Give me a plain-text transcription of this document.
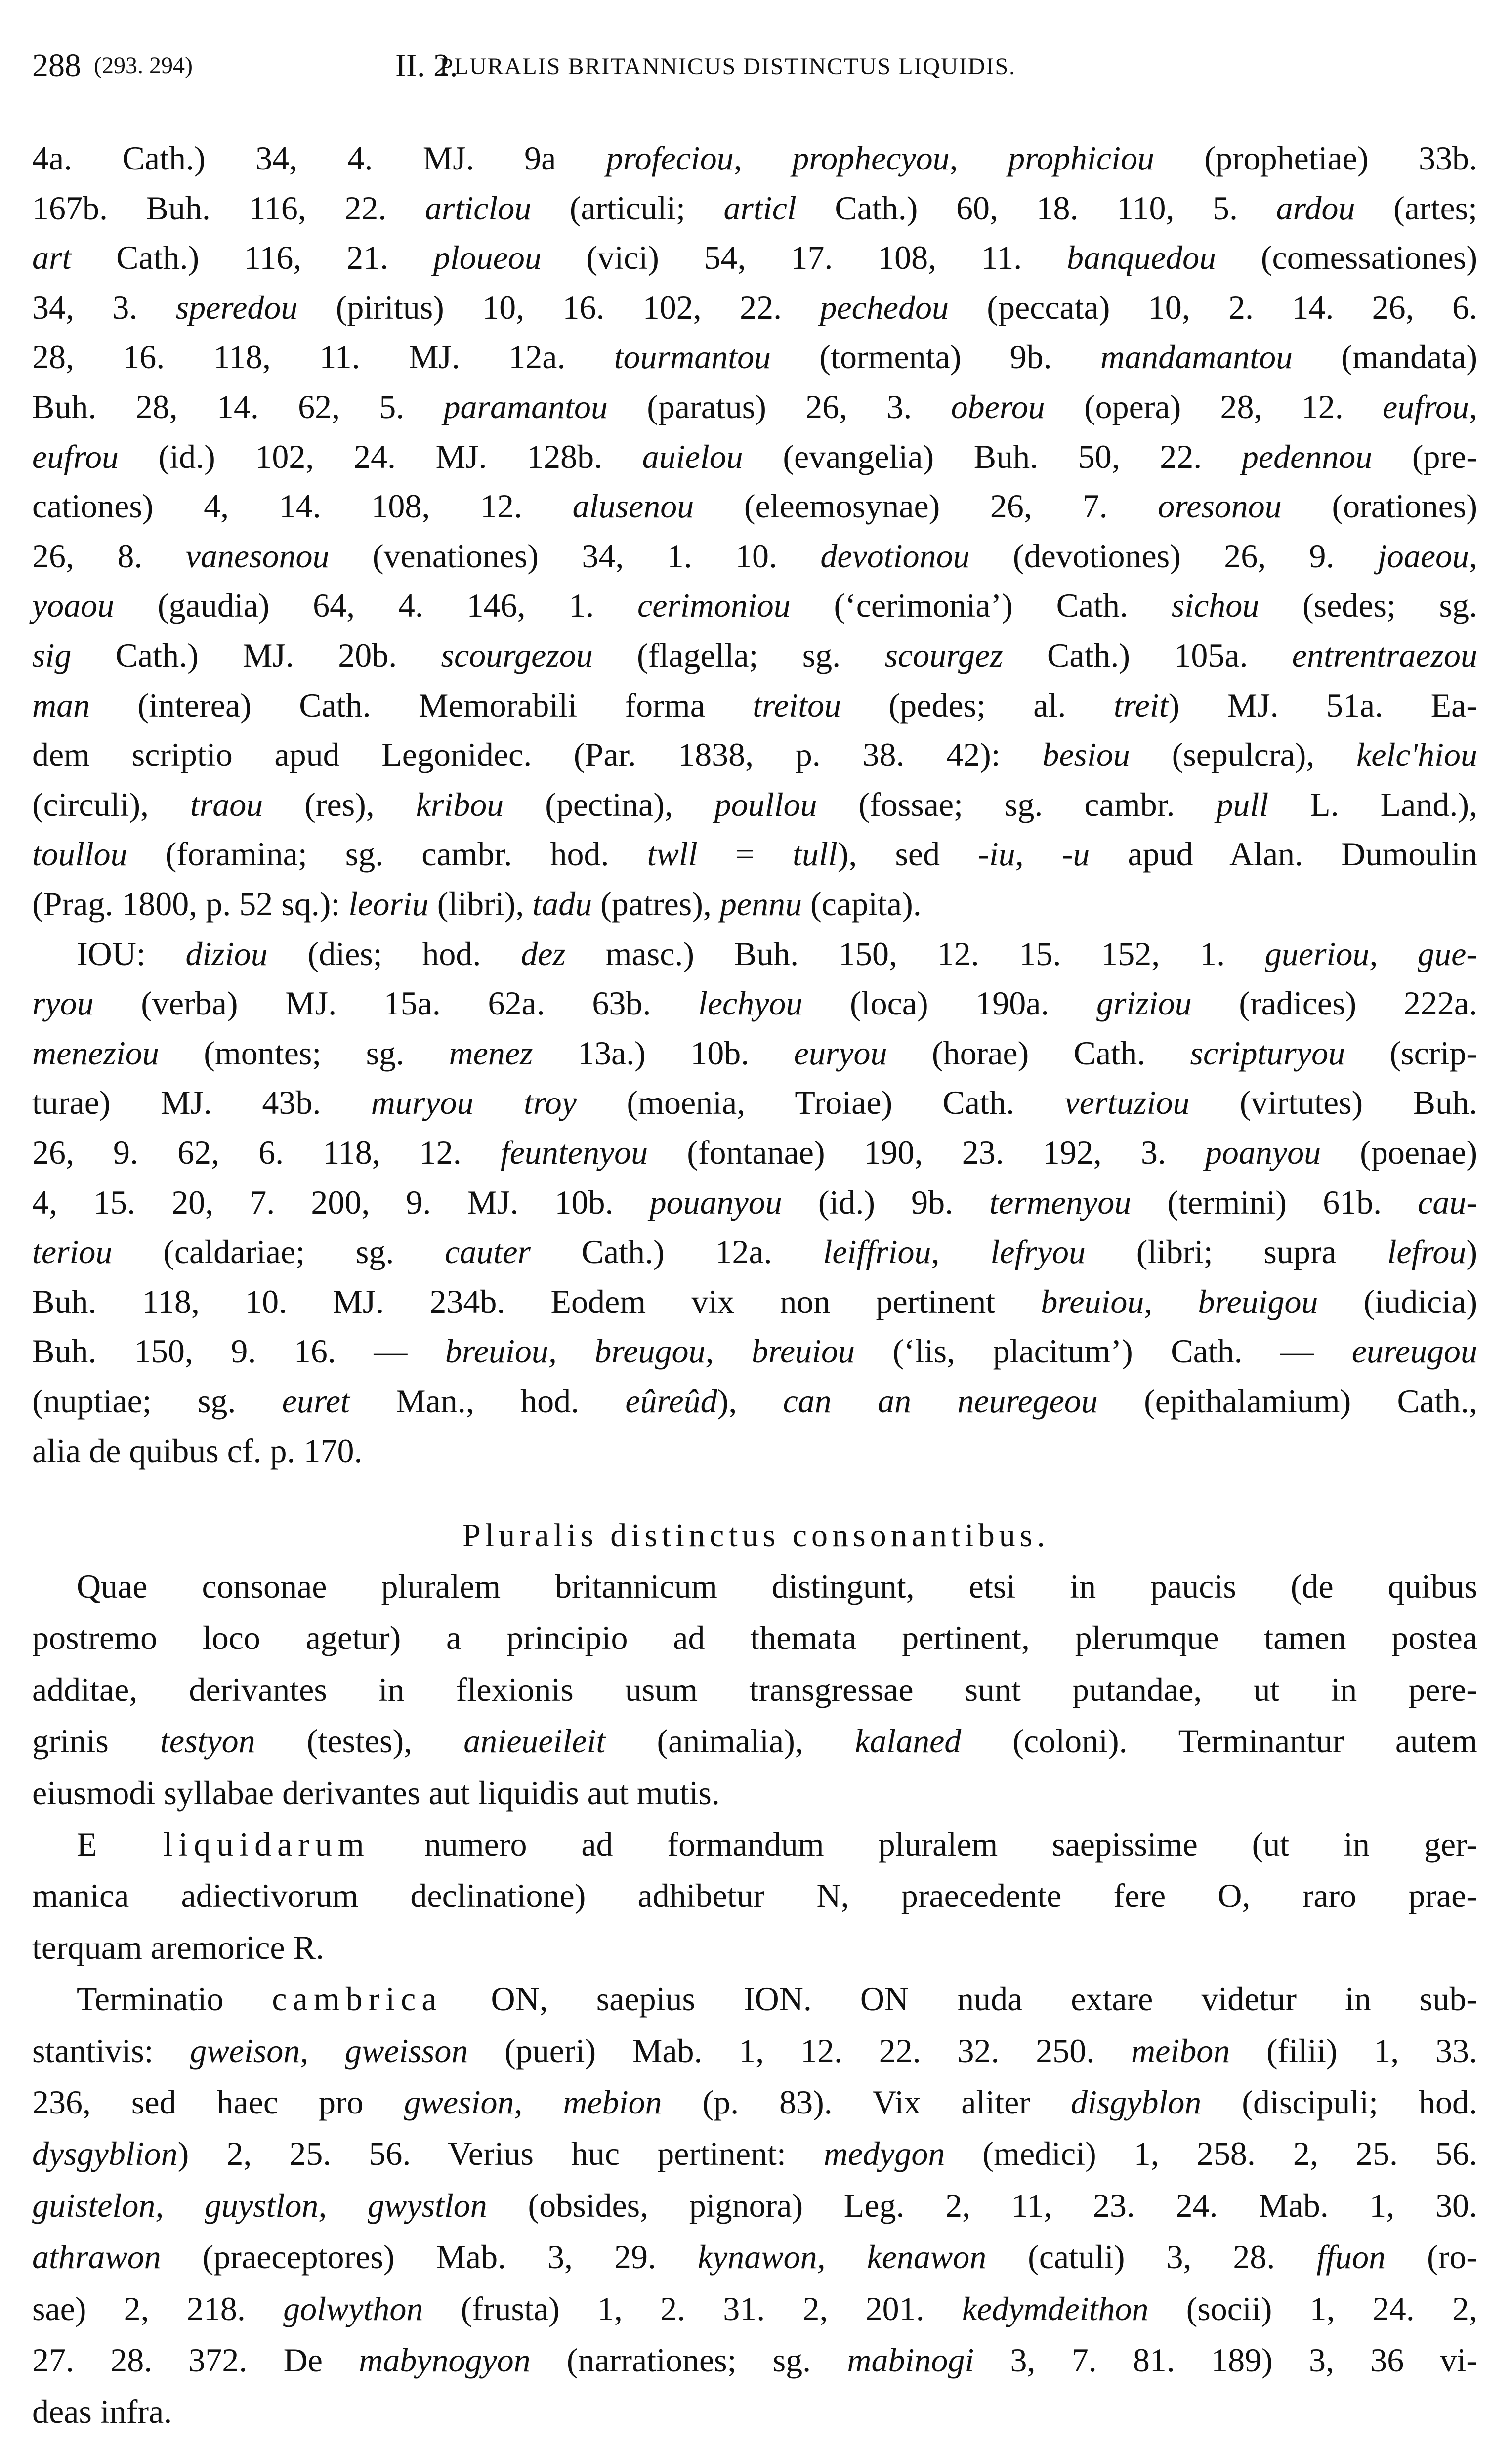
288 (293. 294)	II. 2.
PLURALIS BRITANNICUS DISTINCTUS LIQUIDIS.
4a. Cath.) 34, 4. MJ. 9a profeciou, prophecyou, prophiciou (prophetiae) 33b.
167b. Buh. 116, 22. articlou (articuli; articl Cath.) 60, 18. 110, 5. ardou (artes;
art Cath.) 116, 21. ploueou (vici) 54, 17. 108, 11. banquedou (comessationes)
34, 3. speredou (piritus) 10, 16. 102, 22. pechedou (peccata) 10, 2. 14. 26, 6.
28, 16. 118, 11. MJ. 12a. tourmantou (tormenta) 9b. mandamantou (mandata)
Buh. 28, 14. 62, 5. paramantou (paratus) 26, 3. oberou (opera) 28, 12. eufrou,
eufrou (id.) 102, 24. MJ. 128b. auielou (evangelia) Buh. 50, 22. pedennou (pre-
cationes) 4, 14. 108, 12. alusenou (eleemosynae) 26, 7. oresonou (orationes)
26, 8. vanesonou (venationes) 34, 1. 10. devotionou (devotiones) 26, 9. joaeou,
yoaou (gaudia) 64, 4. 146, 1. cerimoniou (‘cerimonia’) Cath. sichou (sedes; sg.
sig Cath.) MJ. 20b. scourgezou (flagella; sg. scourgez Cath.) 105a. entrentraezou
man (interea) Cath. Memorabili forma treitou (pedes; al. treit) MJ. 51a. Ea-
dem scriptio apud Legonidec. (Par. 1838, p. 38. 42): besiou (sepulcra), kelc'hiou
(circuli), traou (res), kribou (pectina), poullou (fossae; sg. cambr. pull L. Land.),
toullou (foramina; sg. cambr. hod. twll = tull), sed -iu, -u apud Alan. Dumoulin
(Prag. 1800, p. 52 sq.): leoriu (libri), tadu (patres), pennu (capita).
IOU: diziou (dies; hod. dez masc.) Buh. 150, 12. 15. 152, 1. gueriou, gue-
ryou (verba) MJ. 15a. 62a. 63b. lechyou (loca) 190a. griziou (radices) 222a.
meneziou (montes; sg. menez 13a.) 10b. euryou (horae) Cath. scripturyou (scrip-
turae) MJ. 43b. muryou troy (moenia, Troiae) Cath. vertuziou (virtutes) Buh.
26, 9. 62, 6. 118, 12. feuntenyou (fontanae) 190, 23. 192, 3. poanyou (poenae)
4, 15. 20, 7. 200, 9. MJ. 10b. pouanyou (id.) 9b. termenyou (termini) 61b. cau-
teriou (caldariae; sg. cauter Cath.) 12a. leiffriou, lefryou (libri; supra lefrou)
Buh. 118, 10. MJ. 234b. Eodem vix non pertinent breuiou, breuigou (iudicia)
Buh. 150, 9. 16. — breuiou, breugou, breuiou (‘lis, placitum’) Cath. — eureugou
(nuptiae; sg. euret Man., hod. eûreûd), can an neuregeou (epithalamium) Cath.,
alia de quibus cf. p. 170.
Pluralis distinctus consonantibus.
Quae consonae pluralem britannicum distingunt, etsi in paucis (de quibus
postremo loco agetur) a principio ad themata pertinent, plerumque tamen postea
additae, derivantes in flexionis usum transgressae sunt putandae, ut in pere-
grinis testyon (testes), anieueileit (animalia), kalaned (coloni). Terminantur autem
eiusmodi syllabae derivantes aut liquidis aut mutis.
E liquidarum numero ad formandum pluralem saepissime (ut in ger-
manica adiectivorum declinatione) adhibetur N, praecedente fere O, raro prae-
terquam aremorice R.
Terminatio cambrica ON, saepius ION. ON nuda extare videtur in sub-
stantivis: gweison, gweisson (pueri) Mab. 1, 12. 22. 32. 250. meibon (filii) 1, 33.
236, sed haec pro gwesion, mebion (p. 83). Vix aliter disgyblon (discipuli; hod.
dysgyblion) 2, 25. 56. Verius huc pertinent: medygon (medici) 1, 258. 2, 25. 56.
guistelon, guystlon, gwystlon (obsides, pignora) Leg. 2, 11, 23. 24. Mab. 1, 30.
athrawon (praeceptores) Mab. 3, 29. kynawon, kenawon (catuli) 3, 28. ffuon (ro-
sae) 2, 218. golwython (frusta) 1, 2. 31. 2, 201. kedymdeithon (socii) 1, 24. 2,
27. 28. 372. De mabynogyon (narrationes; sg. mabinogi 3, 7. 81. 189) 3, 36 vi-
deas infra.
